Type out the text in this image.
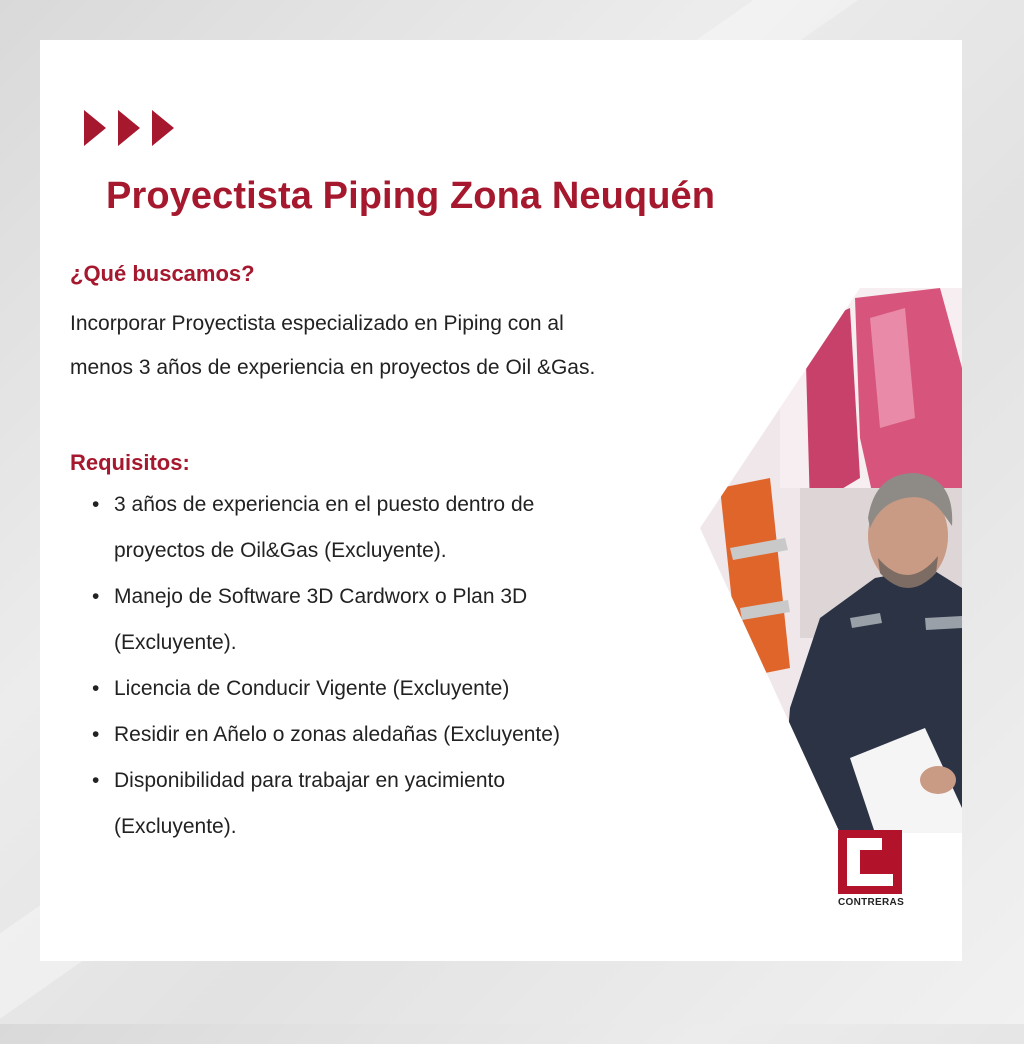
Proyectista Piping Zona Neuquén
¿Qué buscamos?

Incorporar Proyectista especializado en Piping con al
menos 3 años de experiencia en proyectos de Oil &Gas.

Requisitos:
• 3 años de experiencia en el puesto dentro de
proyectos de Oil&Gas (Excluyente).
• Manejo de Software 3D Cardworx o Plan 3D
(Excluyente).
• Licencia de Conducir Vigente (Excluyente)
• Residir en Añelo o zonas aledañas (Excluyente)
• Disponibilidad para trabajar en yacimiento
(Excluyente).
CONTRERAS
